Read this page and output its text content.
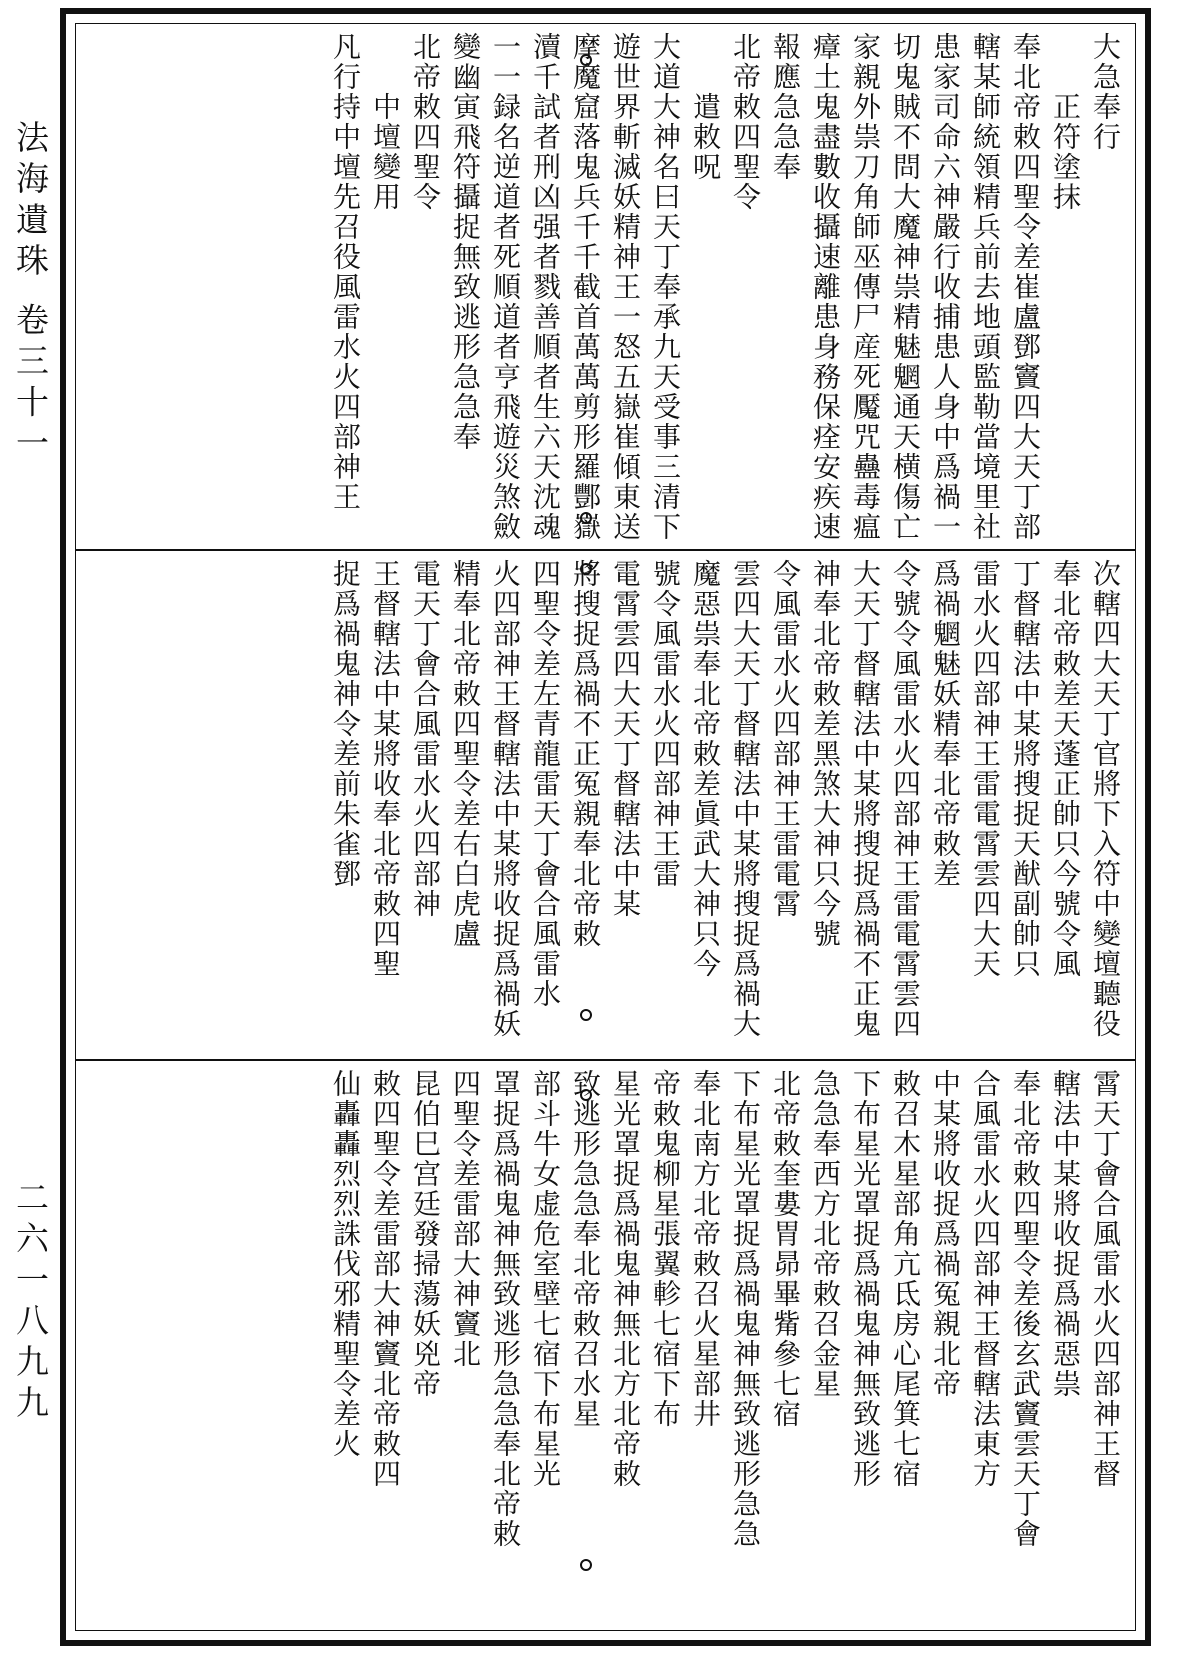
法海遺珠 卷三十一
二六一八九九
大急奉行
正符塗抹
奉北帝敕四聖令差崔盧鄧竇四大天丁部
轄某師統領精兵前去地頭監勒當境里社
患家司命六神嚴行收捕患人身中爲禍一
切鬼賊不問大魔神祟精魅魍通天横傷亡
家親外祟刀角師巫傳尸産死魘咒蠱毒瘟
瘴土鬼盡數收攝速離患身務保痊安疾速
報應急急奉
北帝敕四聖令
遣敕呪
大道大神名曰天丁奉承九天受事三清下
遊世界斬滅妖精神王一怒五嶽崔傾東送
摩魔窟落鬼兵千千截首萬萬剪形羅酆嶽
瀆千試者刑凶强者戮善順者生六天沈魂
一一録名逆道者死順道者亨飛遊災煞斂
變幽寅飛符攝捉無致逃形急急奉
北帝敕四聖令
中壇變用
凡行持中壇先召役風雷水火四部神王
次轄四大天丁官將下入符中變壇聽役
奉北帝敕差天蓬正帥只今號令風
丁督轄法中某將搜捉天猷副帥只
雷水火四部神王雷電霄雲四大天
爲禍魍魅妖精奉北帝敕差
令號令風雷水火四部神王雷電霄雲四
大天丁督轄法中某將搜捉爲禍不正鬼
神奉北帝敕差黑煞大神只今號
令風雷水火四部神王雷電霄
雲四大天丁督轄法中某將搜捉爲禍大
魔惡祟奉北帝敕差眞武大神只今
號令風雷水火四部神王雷
電霄雲四大天丁督轄法中某
將搜捉爲禍不正冤親奉北帝敕
四聖令差左青龍雷天丁會合風雷水
火四部神王督轄法中某將收捉爲禍妖
精奉北帝敕四聖令差右白虎盧
電天丁會合風雷水火四部神
王督轄法中某將收奉北帝敕四聖
捉爲禍鬼神令差前朱雀鄧
霄天丁會合風雷水火四部神王督
轄法中某將收捉爲禍惡祟
奉北帝敕四聖令差後玄武竇雲天丁會
合風雷水火四部神王督轄法東方
中某將收捉爲禍冤親北帝
敕召木星部角亢氐房心尾箕七宿
下布星光罩捉爲禍鬼神無致逃形
急急奉西方北帝敕召金星
北帝敕奎婁胃昴畢觜參七宿
下布星光罩捉爲禍鬼神無致逃形急急
奉北南方北帝敕召火星部井
帝敕鬼柳星張翼軫七宿下布
星光罩捉爲禍鬼神無北方北帝敕
致逃形急急奉北帝敕召水星
部斗牛女虚危室壁七宿下布星光
罩捉爲禍鬼神無致逃形急急奉北帝敕
四聖令差雷部大神竇北
昆伯巳宫廷發掃蕩妖兇帝
敕四聖令差雷部大神竇北帝敕四
仙轟轟烈烈誅伐邪精聖令差火
